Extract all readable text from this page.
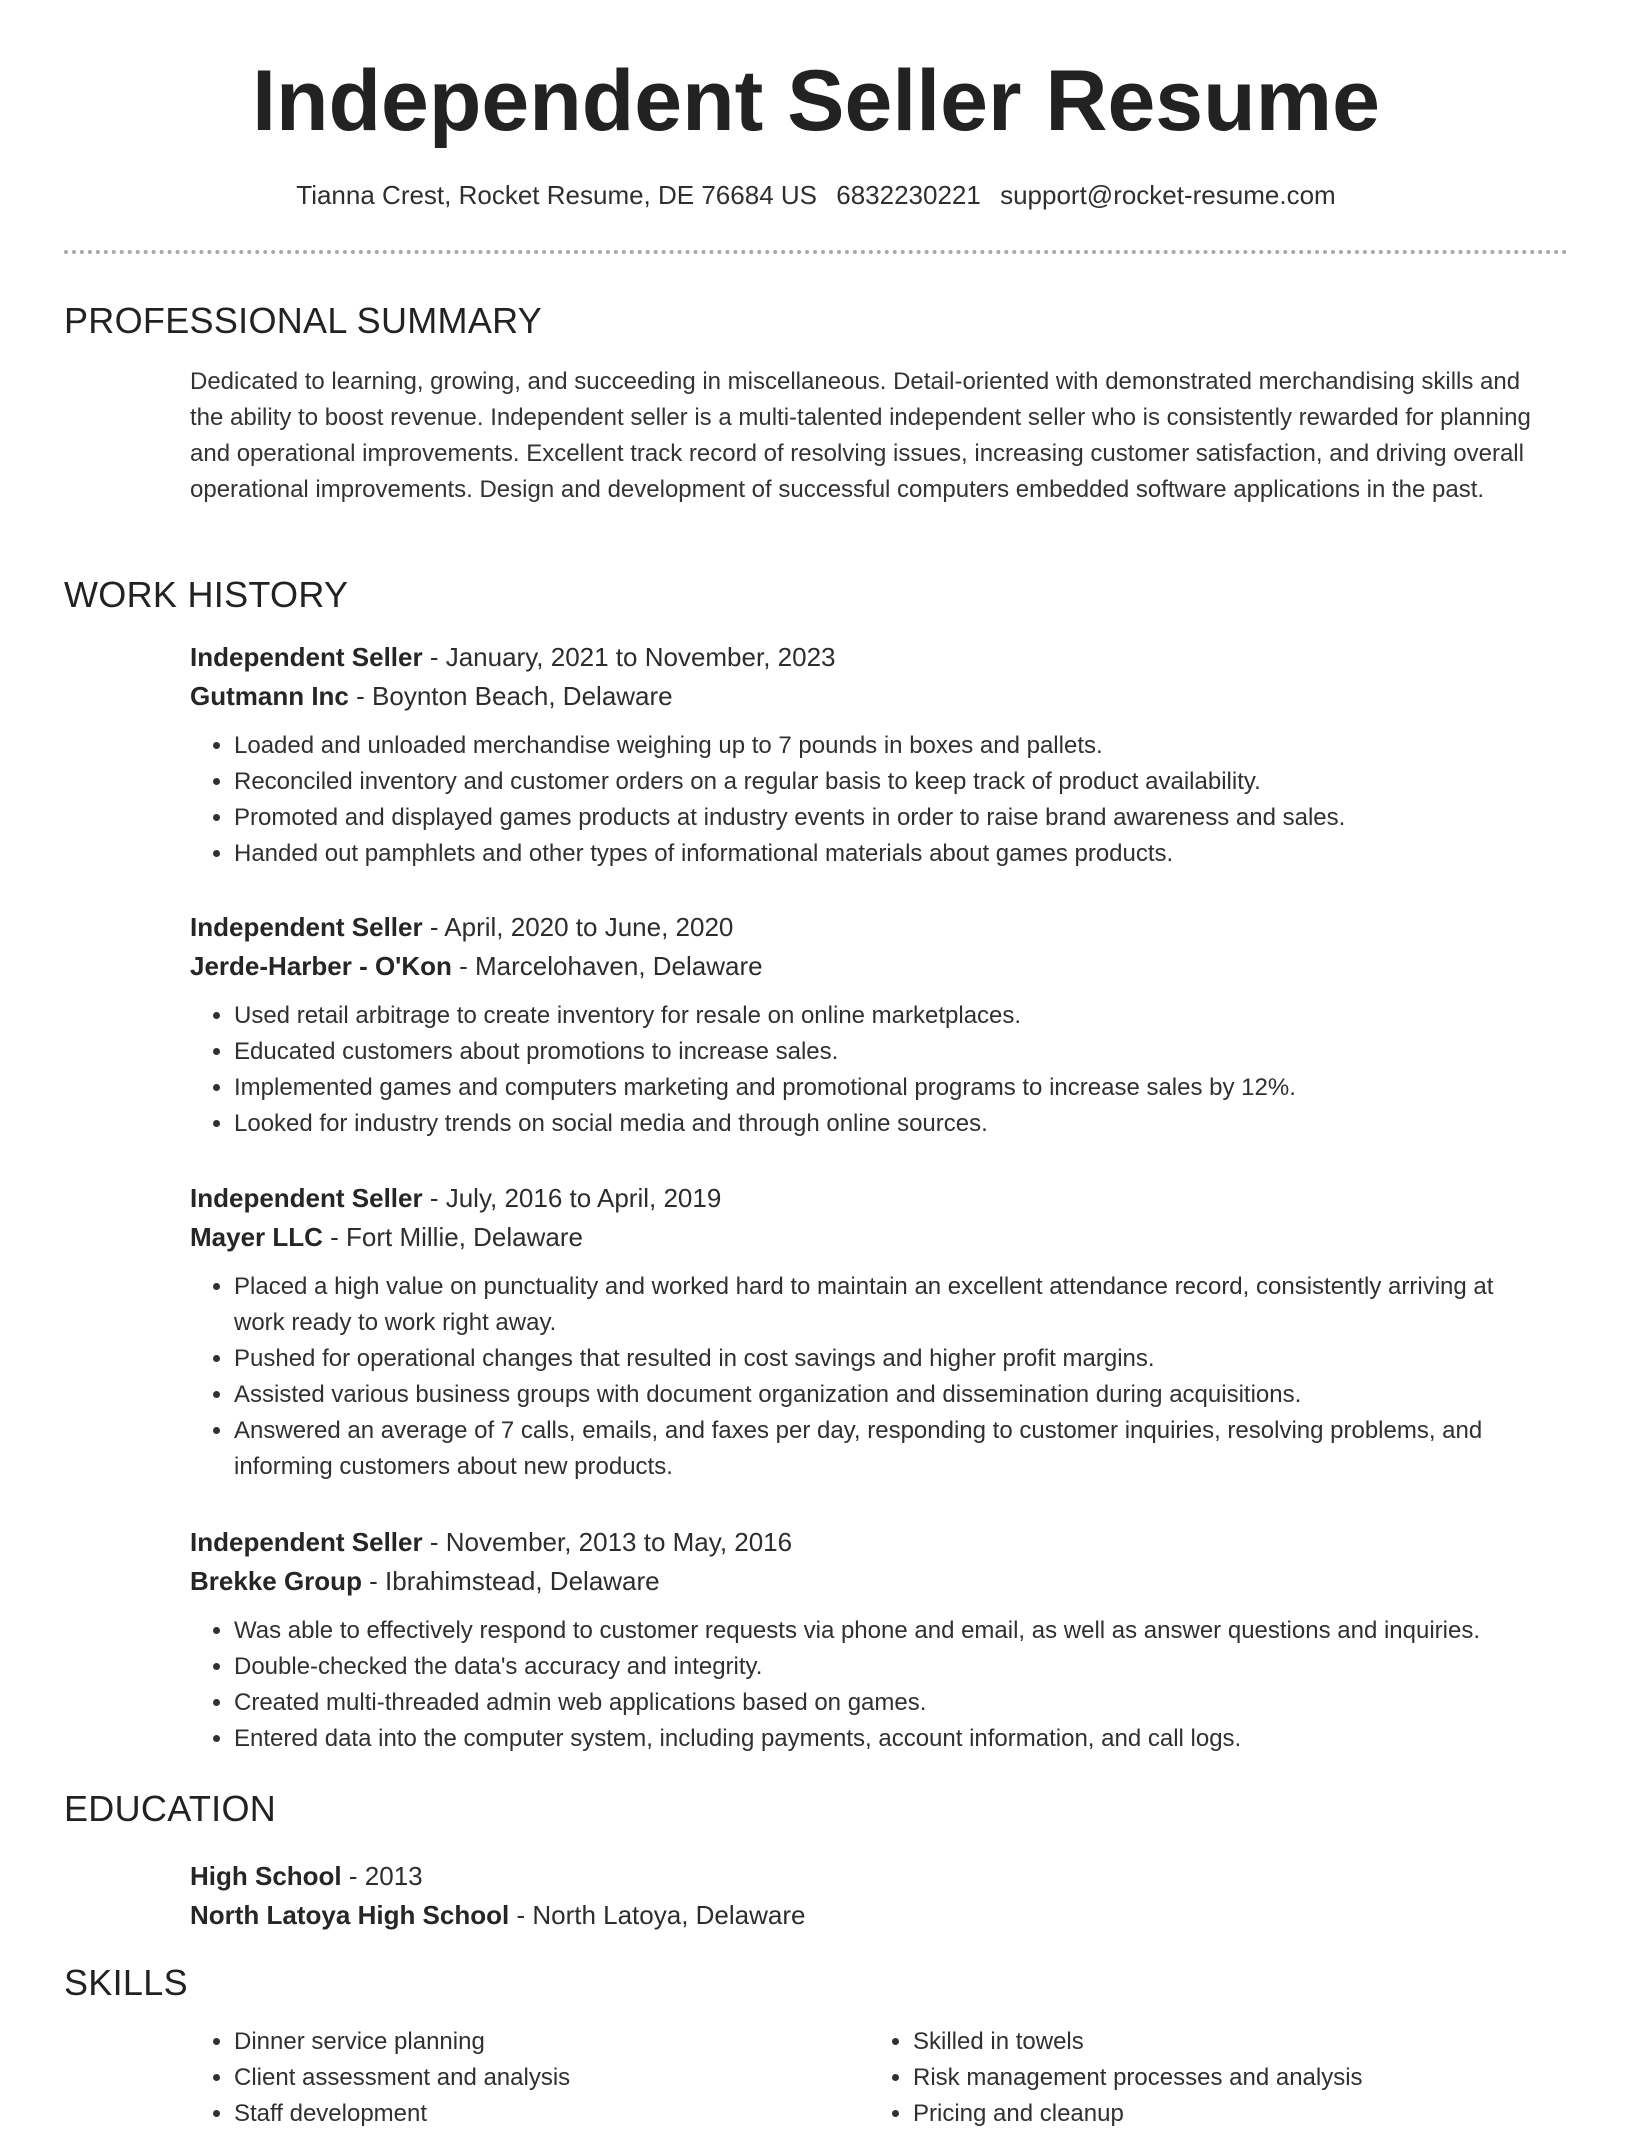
Independent Seller Resume
Tianna Crest, Rocket Resume, DE 76684 US 6832230221 support@rocket-resume.com
PROFESSIONAL SUMMARY
Dedicated to learning, growing, and succeeding in miscellaneous. Detail-oriented with demonstrated merchandising skills and the ability to boost revenue. Independent seller is a multi-talented independent seller who is consistently rewarded for planning and operational improvements. Excellent track record of resolving issues, increasing customer satisfaction, and driving overall operational improvements. Design and development of successful computers embedded software applications in the past.
WORK HISTORY
Independent Seller - January, 2021 to November, 2023
Gutmann Inc - Boynton Beach, Delaware
• Loaded and unloaded merchandise weighing up to 7 pounds in boxes and pallets.
• Reconciled inventory and customer orders on a regular basis to keep track of product availability.
• Promoted and displayed games products at industry events in order to raise brand awareness and sales.
• Handed out pamphlets and other types of informational materials about games products.
Independent Seller - April, 2020 to June, 2020
Jerde-Harber - O'Kon - Marcelohaven, Delaware
• Used retail arbitrage to create inventory for resale on online marketplaces.
• Educated customers about promotions to increase sales.
• Implemented games and computers marketing and promotional programs to increase sales by 12%.
• Looked for industry trends on social media and through online sources.
Independent Seller - July, 2016 to April, 2019
Mayer LLC - Fort Millie, Delaware
• Placed a high value on punctuality and worked hard to maintain an excellent attendance record, consistently arriving at work ready to work right away.
• Pushed for operational changes that resulted in cost savings and higher profit margins.
• Assisted various business groups with document organization and dissemination during acquisitions.
• Answered an average of 7 calls, emails, and faxes per day, responding to customer inquiries, resolving problems, and informing customers about new products.
Independent Seller - November, 2013 to May, 2016
Brekke Group - Ibrahimstead, Delaware
• Was able to effectively respond to customer requests via phone and email, as well as answer questions and inquiries.
• Double-checked the data's accuracy and integrity.
• Created multi-threaded admin web applications based on games.
• Entered data into the computer system, including payments, account information, and call logs.
EDUCATION
High School - 2013
North Latoya High School - North Latoya, Delaware
SKILLS
• Dinner service planning
• Client assessment and analysis
• Staff development
• Skilled in towels
• Risk management processes and analysis
• Pricing and cleanup
